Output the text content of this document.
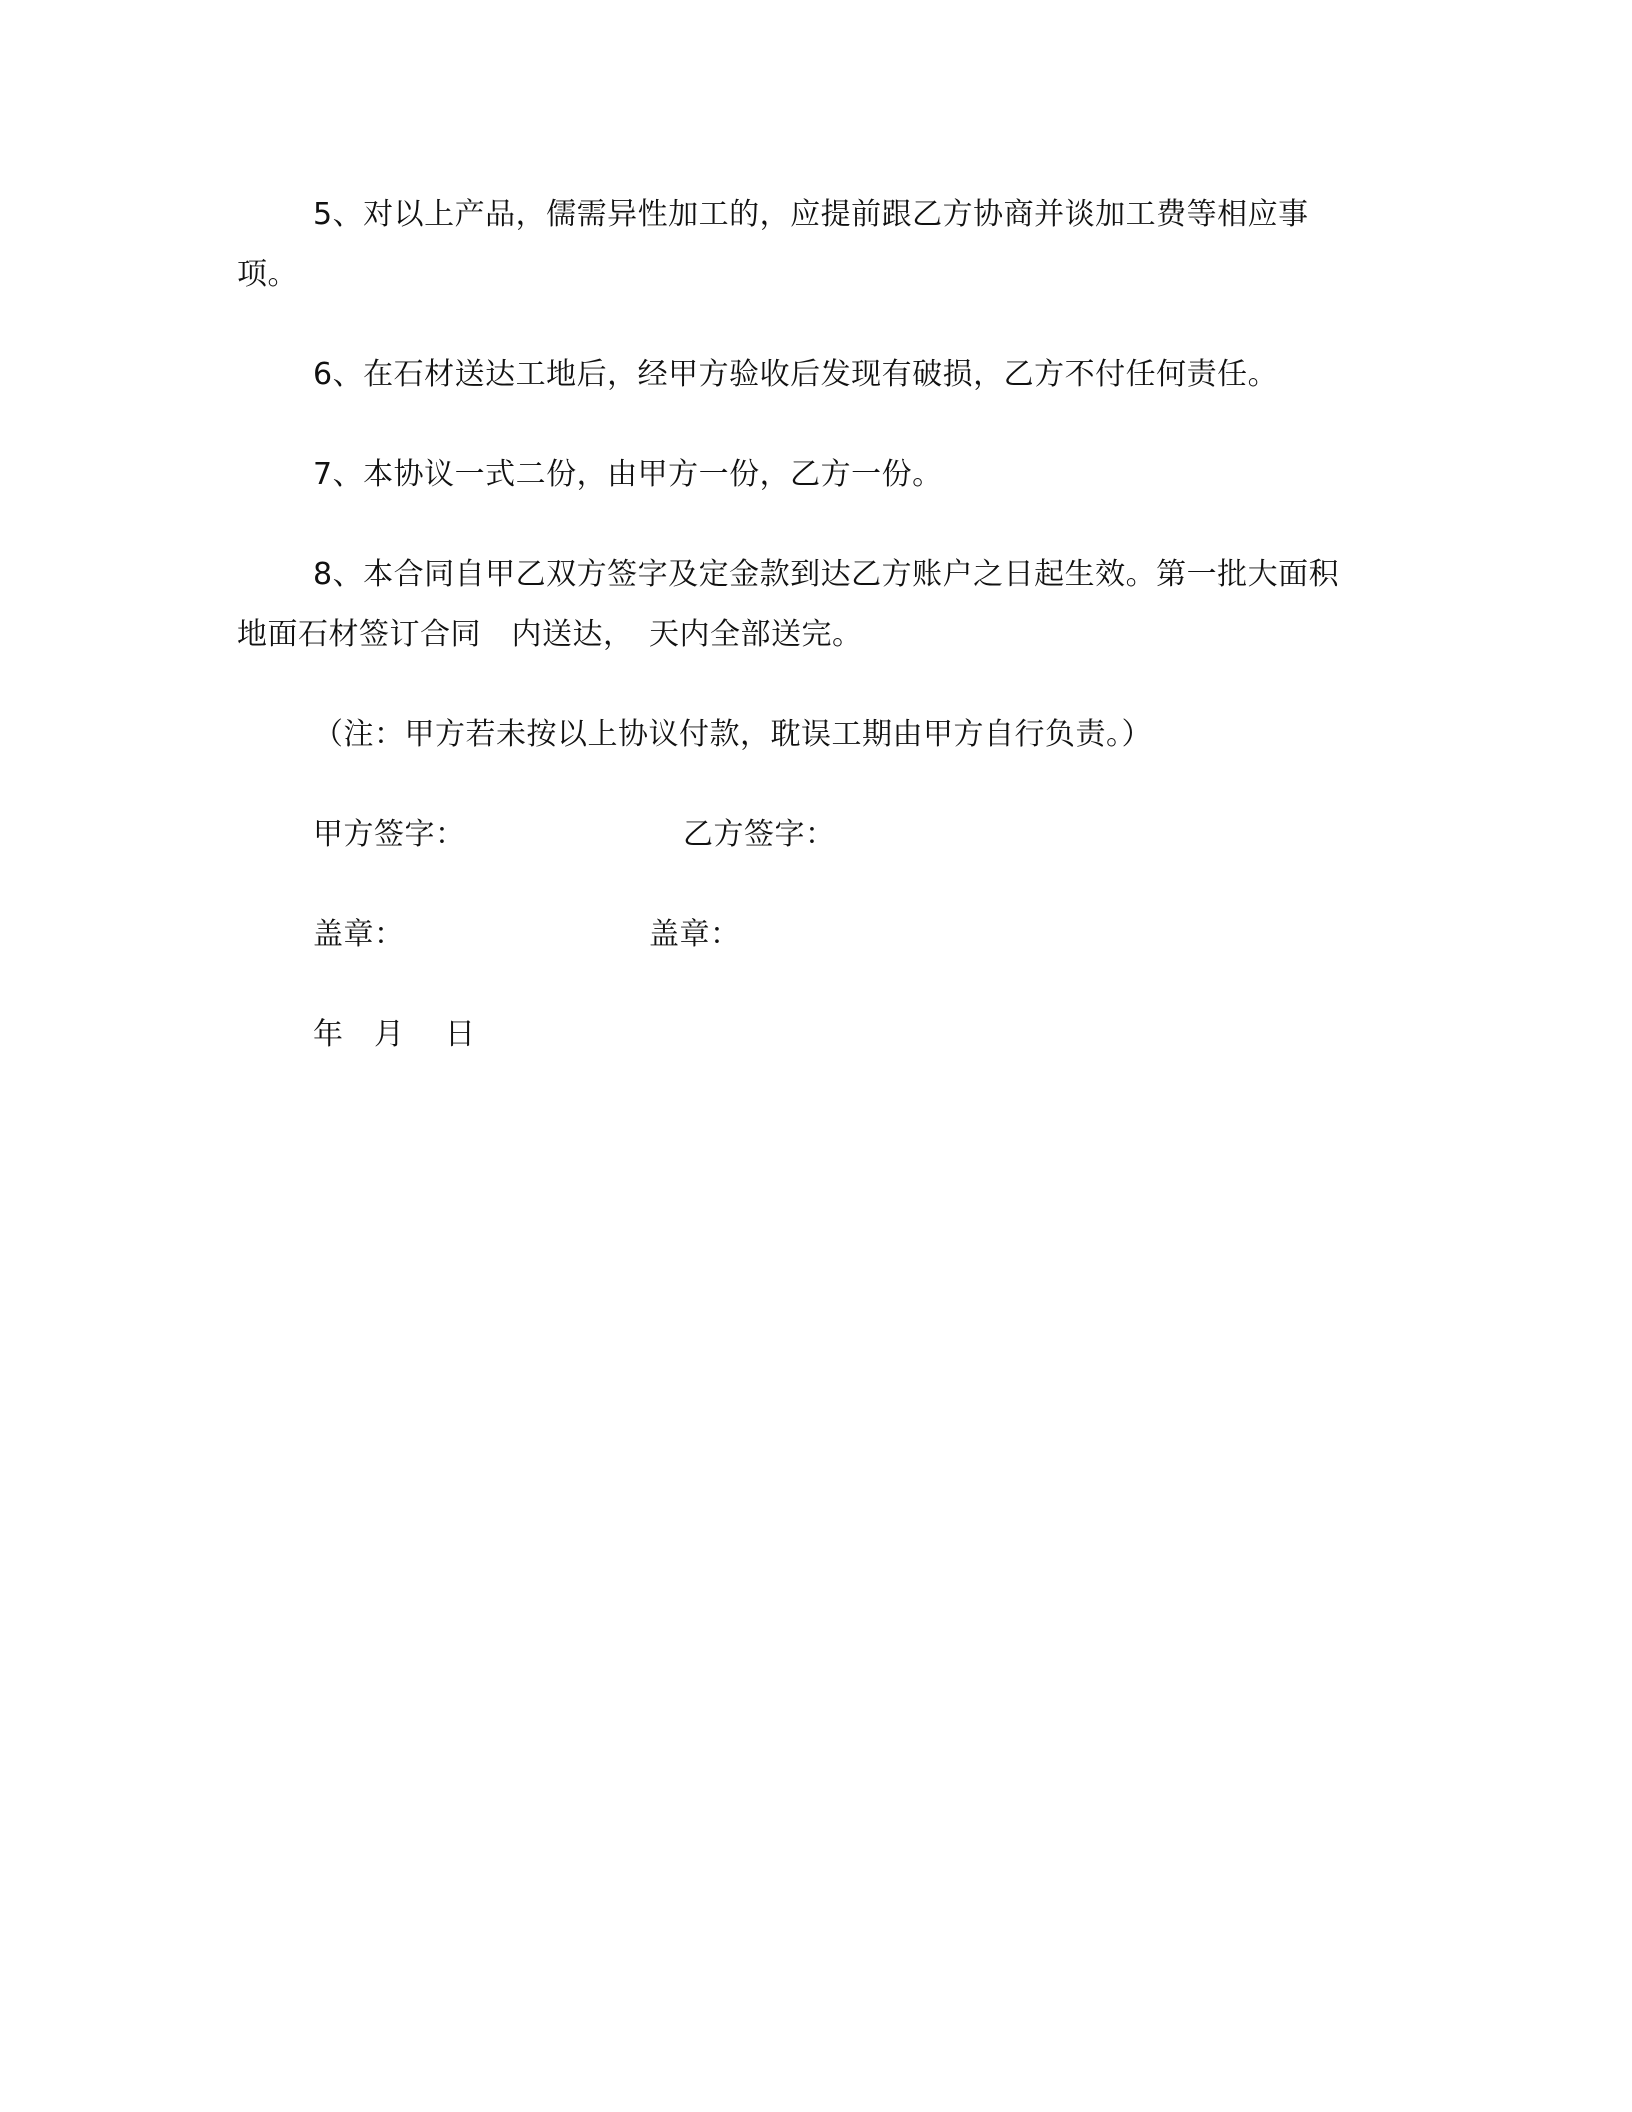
5、对以上产品，儒需异性加工的，应提前跟乙方协商并谈加工费等相应事
项。
6、在石材送达工地后，经甲方验收后发现有破损，乙方不付任何责任。
7、本协议一式二份，由甲方一份，乙方一份。
8、本合同自甲乙双方签字及定金款到达乙方账户之日起生效。第一批大面积
地面石材签订合同　内送达，　天内全部送完。
（注：甲方若未按以上协议付款，耽误工期由甲方自行负责。）
甲方签字：	乙方签字：
盖章：	盖章：
年　月　 日
